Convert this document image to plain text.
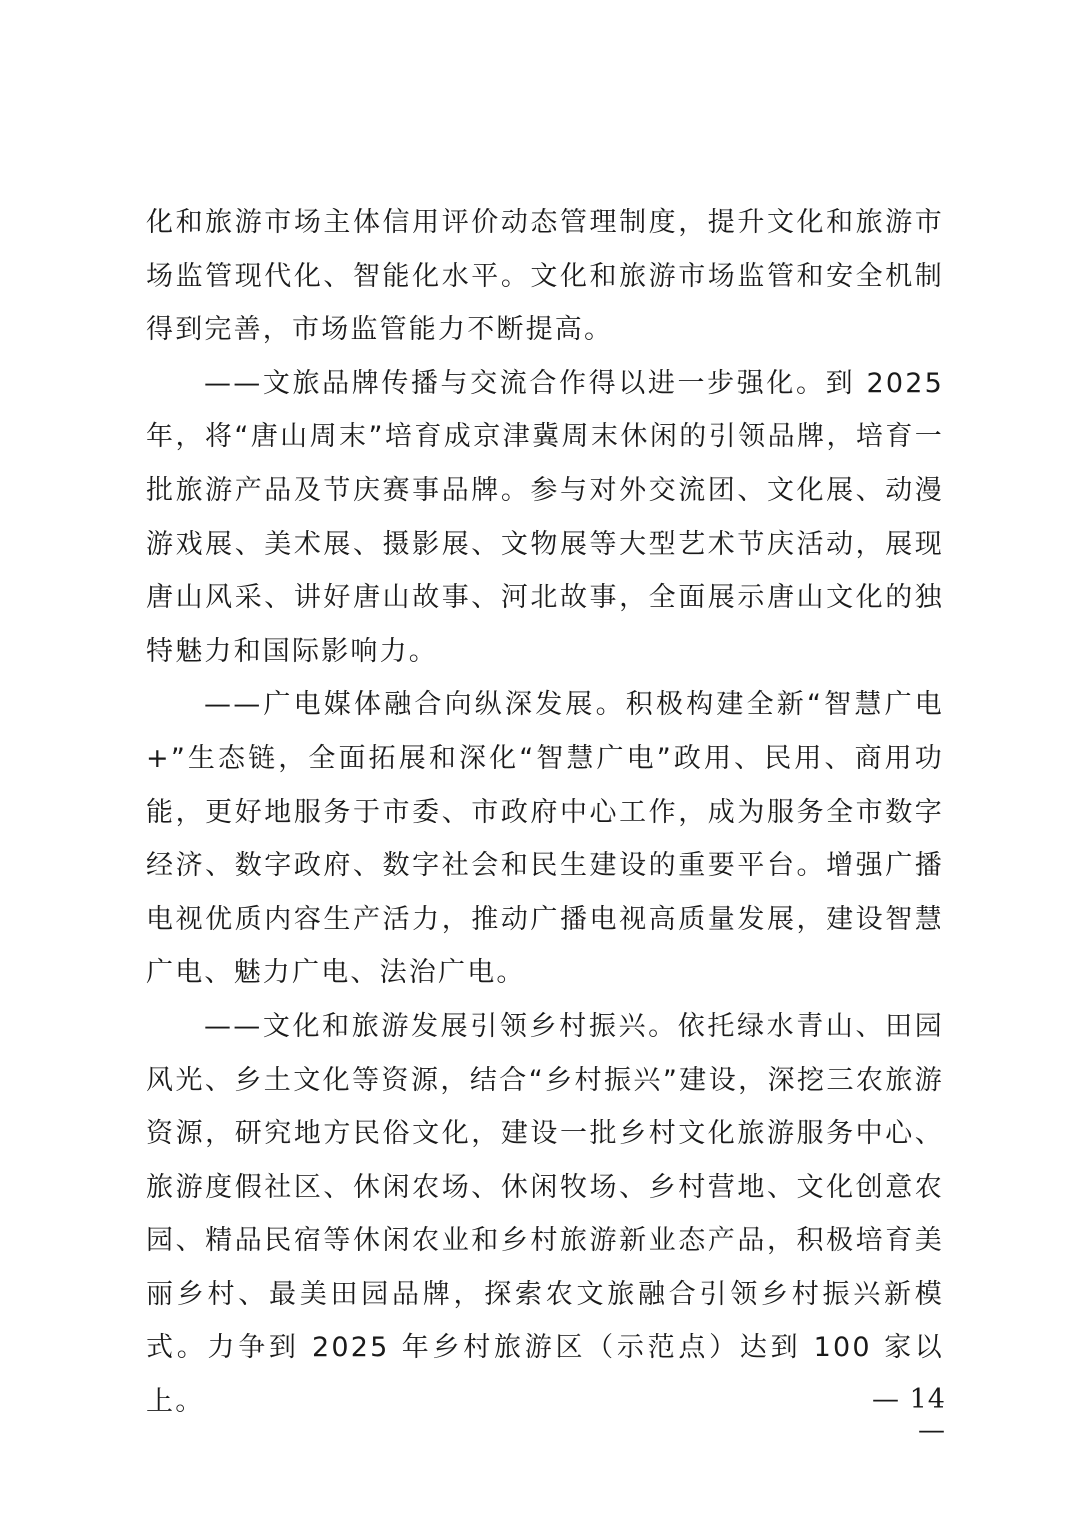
化和旅游市场主体信用评价动态管理制度，提升文化和旅游市场监管现代化、智能化水平。文化和旅游市场监管和安全机制得到完善，市场监管能力不断提高。

——文旅品牌传播与交流合作得以进一步强化。到 2025 年，将“唐山周末”培育成京津冀周末休闲的引领品牌，培育一批旅游产品及节庆赛事品牌。参与对外交流团、文化展、动漫游戏展、美术展、摄影展、文物展等大型艺术节庆活动，展现唐山风采、讲好唐山故事、河北故事，全面展示唐山文化的独特魅力和国际影响力。

——广电媒体融合向纵深发展。积极构建全新“智慧广电+”生态链，全面拓展和深化“智慧广电”政用、民用、商用功能，更好地服务于市委、市政府中心工作，成为服务全市数字经济、数字政府、数字社会和民生建设的重要平台。增强广播电视优质内容生产活力，推动广播电视高质量发展，建设智慧广电、魅力广电、法治广电。

——文化和旅游发展引领乡村振兴。依托绿水青山、田园风光、乡土文化等资源，结合“乡村振兴”建设，深挖三农旅游资源，研究地方民俗文化，建设一批乡村文化旅游服务中心、旅游度假社区、休闲农场、休闲牧场、乡村营地、文化创意农园、精品民宿等休闲农业和乡村旅游新业态产品，积极培育美丽乡村、最美田园品牌，探索农文旅融合引领乡村振兴新模式。力争到 2025 年乡村旅游区（示范点）达到 100 家以上。	— 14 —
